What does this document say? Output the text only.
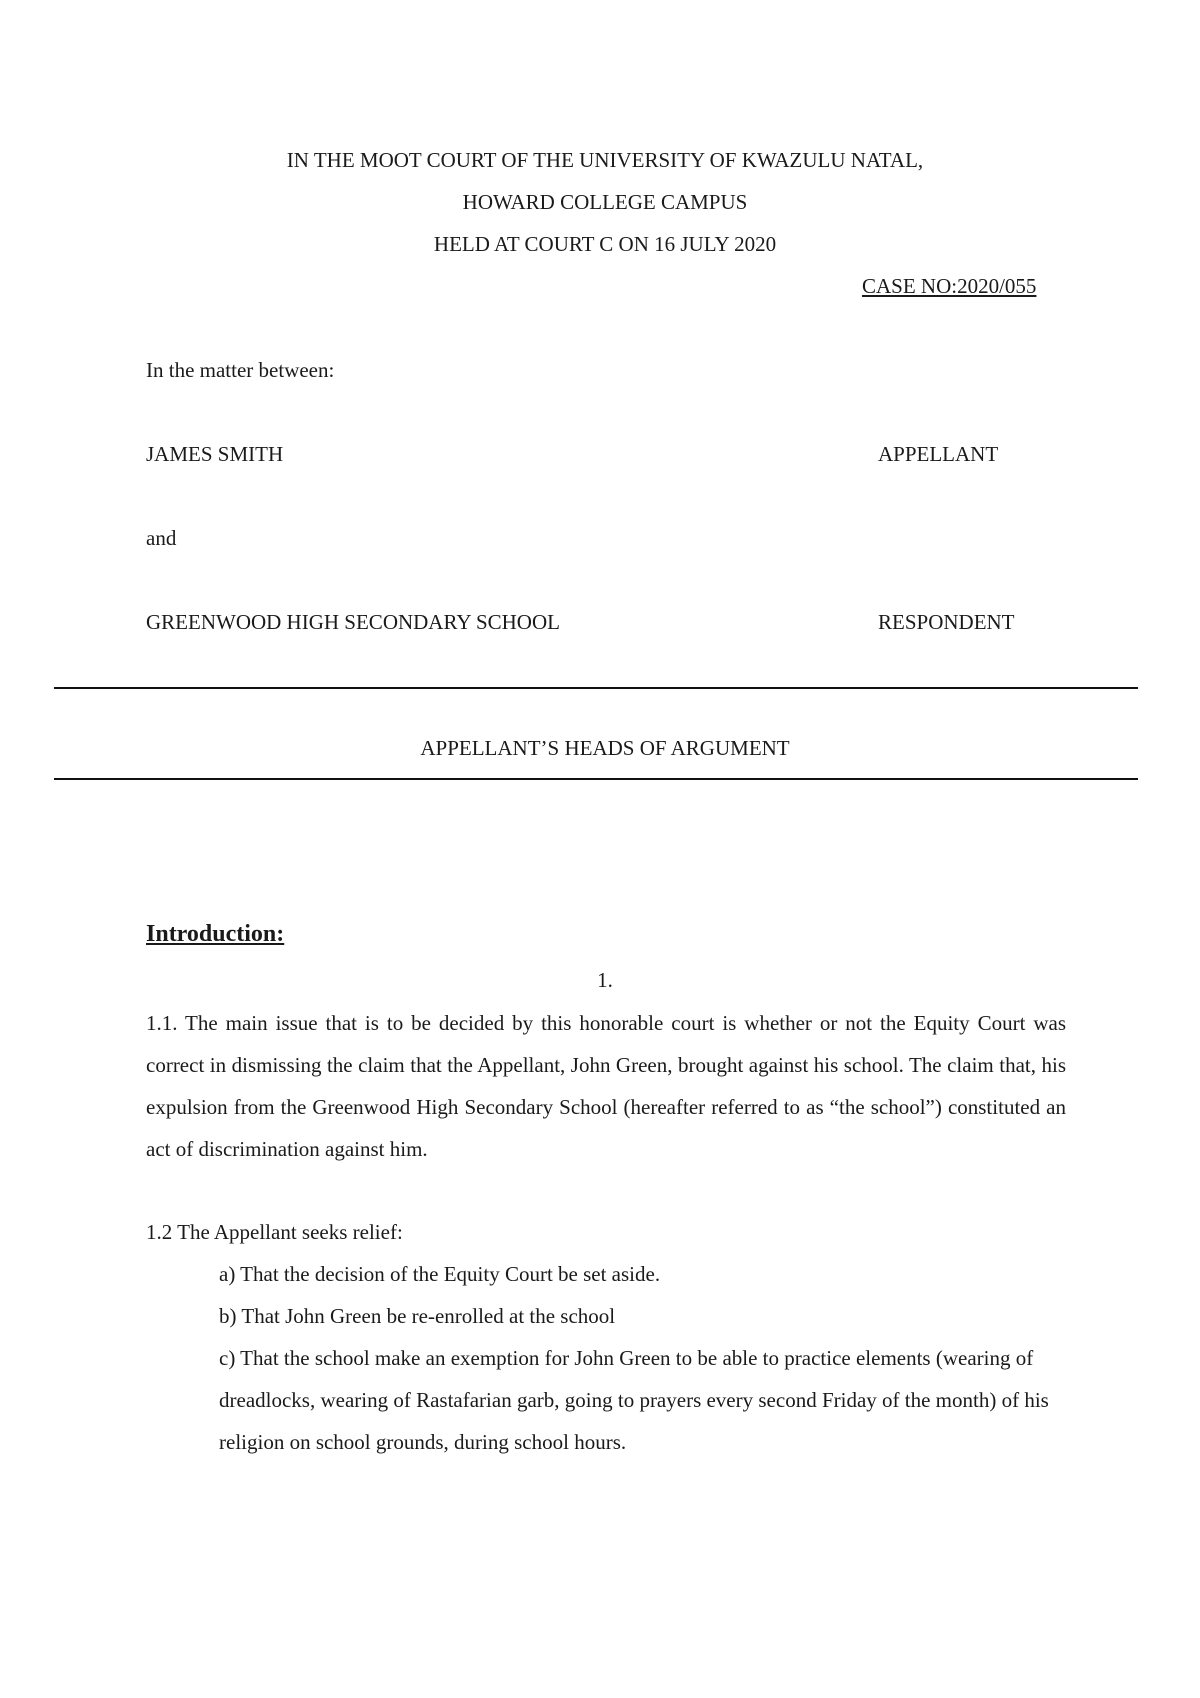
IN THE MOOT COURT OF THE UNIVERSITY OF KWAZULU NATAL,
HOWARD COLLEGE CAMPUS
HELD AT COURT C ON 16 JULY 2020
CASE NO:2020/055
In the matter between:
JAMES SMITH	APPELLANT
and
GREENWOOD HIGH SECONDARY SCHOOL	RESPONDENT
APPELLANT’S HEADS OF ARGUMENT
Introduction:
1.
1.1. The main issue that is to be decided by this honorable court is whether or not the Equity Court was correct in dismissing the claim that the Appellant, John Green, brought against his school. The claim that, his expulsion from the Greenwood High Secondary School (hereafter referred to as “the school”) constituted an act of discrimination against him.
1.2 The Appellant seeks relief:
a) That the decision of the Equity Court be set aside.
b) That John Green be re-enrolled at the school
c) That the school make an exemption for John Green to be able to practice elements (wearing of dreadlocks, wearing of Rastafarian garb, going to prayers every second Friday of the month) of his religion on school grounds, during school hours.
